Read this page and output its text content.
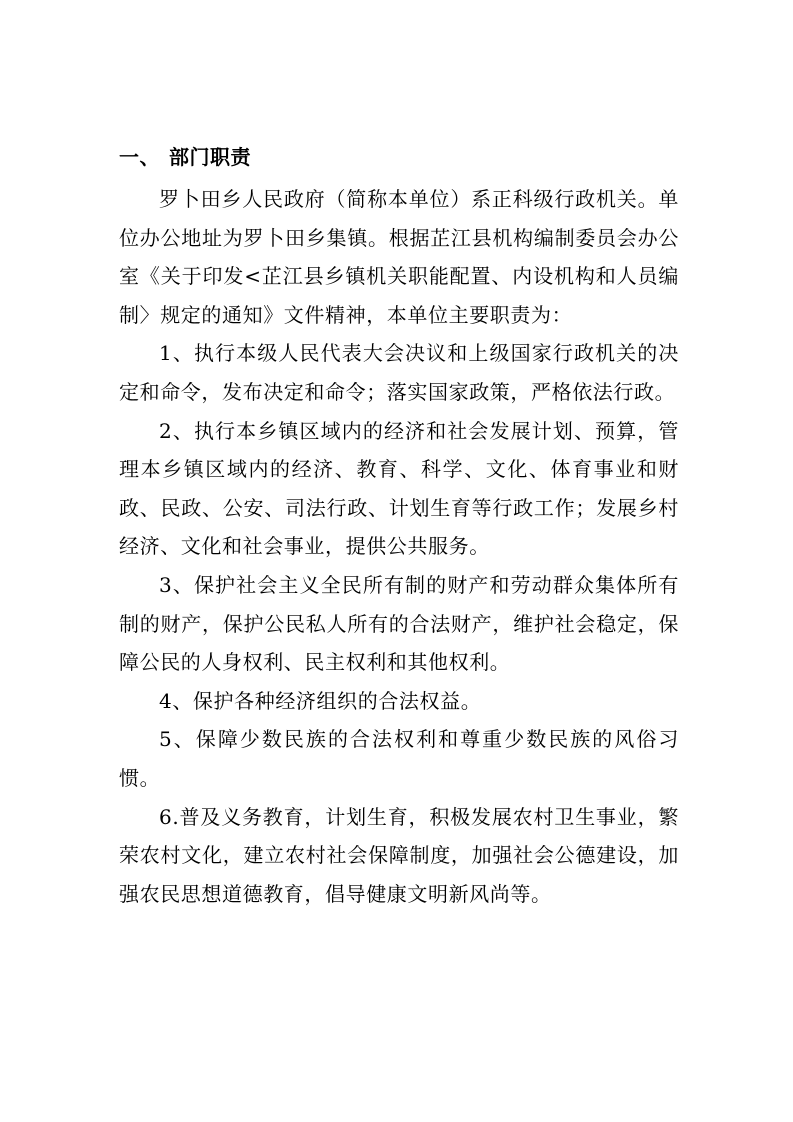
一、 部门职责

罗卜田乡人民政府（简称本单位）系正科级行政机关。单位办公地址为罗卜田乡集镇。根据芷江县机构编制委员会办公室《关于印发<芷江县乡镇机关职能配置、内设机构和人员编制〉规定的通知》文件精神，本单位主要职责为：

1、执行本级人民代表大会决议和上级国家行政机关的决定和命令，发布决定和命令；落实国家政策，严格依法行政。

2、执行本乡镇区域内的经济和社会发展计划、预算，管理本乡镇区域内的经济、教育、科学、文化、体育事业和财政、民政、公安、司法行政、计划生育等行政工作；发展乡村经济、文化和社会事业，提供公共服务。

3、保护社会主义全民所有制的财产和劳动群众集体所有制的财产，保护公民私人所有的合法财产，维护社会稳定，保障公民的人身权利、民主权利和其他权利。

4、保护各种经济组织的合法权益。

5、保障少数民族的合法权利和尊重少数民族的风俗习惯。

6.普及义务教育，计划生育，积极发展农村卫生事业，繁荣农村文化，建立农村社会保障制度，加强社会公德建设，加强农民思想道德教育，倡导健康文明新风尚等。
